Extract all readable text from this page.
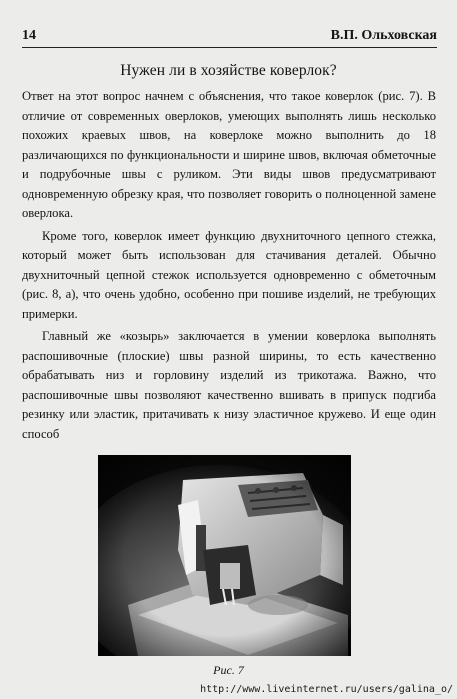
14	В.П. Ольховская
Нужен ли в хозяйстве коверлок?

Ответ на этот вопрос начнем с объяснения, что такое коверлок (рис. 7). В отличие от современных оверлоков, умеющих выполнять лишь несколько похожих краевых швов, на коверлоке можно выполнить до 18 различающихся по функциональности и ширине швов, включая обметочные и подрубочные швы с руликом. Эти виды швов предусматривают одновременную обрезку края, что позволяет говорить о полноценной замене оверлока.

Кроме того, коверлок имеет функцию двухниточного цепного стежка, который может быть использован для стачивания деталей. Обычно двухниточный цепной стежок используется одновременно с обметочным (рис. 8, а), что очень удобно, особенно при пошиве изделий, не требующих примерки.

Главный же «козырь» заключается в умении коверлока выполнять распошивочные (плоские) швы разной ширины, то есть качественно обрабатывать низ и горловину изделий из трикотажа. Важно, что распошивочные швы позволяют качественно вшивать в припуск подгиба резинку или эластик, притачивать к низу эластичное кружево. И еще один способ

Рис. 7
http://www.liveinternet.ru/users/galina_o/
